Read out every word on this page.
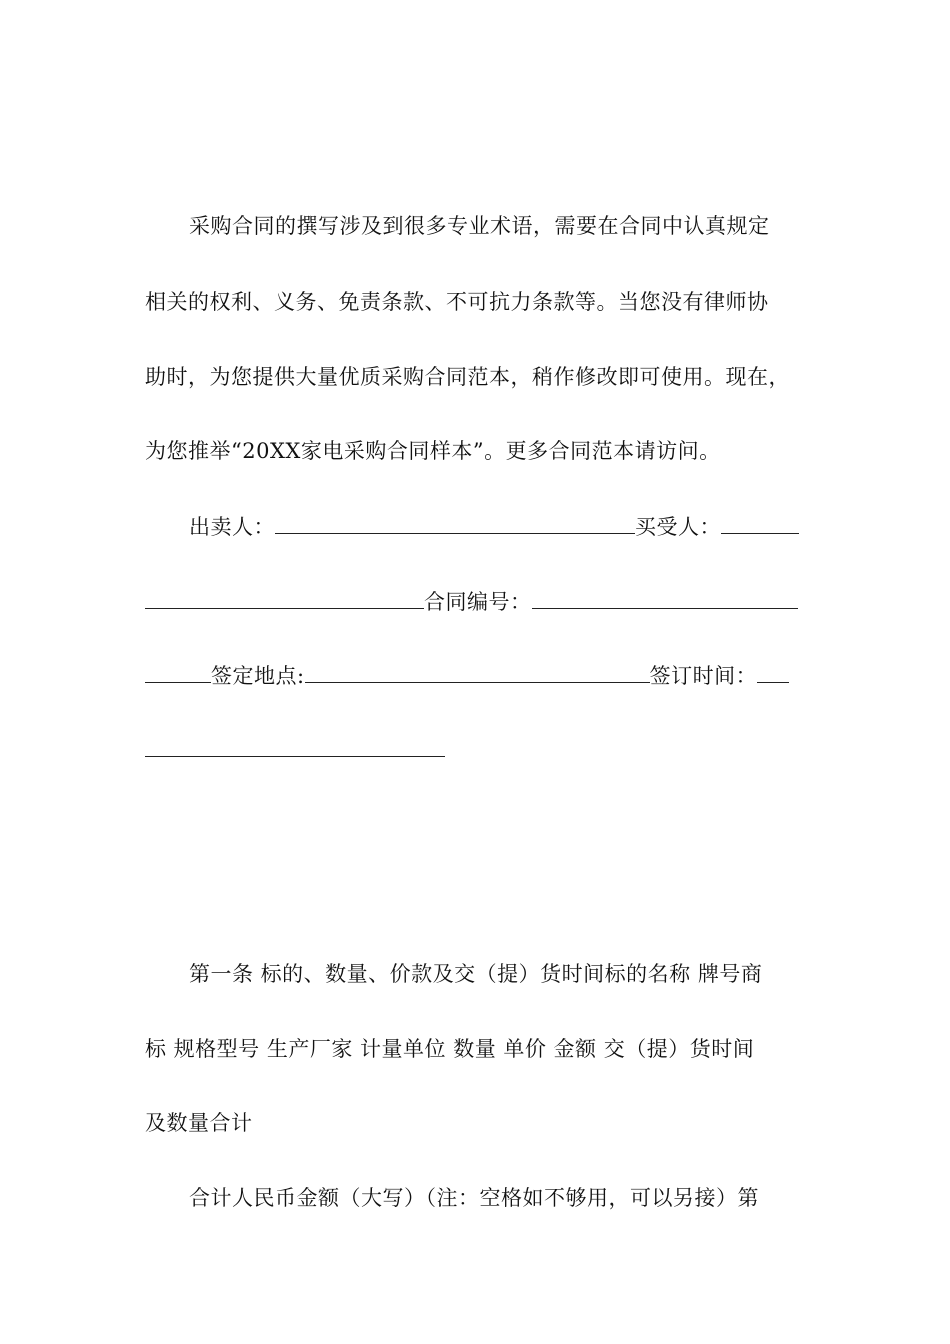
采购合同的撰写涉及到很多专业术语，需要在合同中认真规定
相关的权利、义务、免责条款、不可抗力条款等。当您没有律师协
助时，为您提供大量优质采购合同范本，稍作修改即可使用。现在，
为您推举“20XX家电采购合同样本”。更多合同范本请访问。
出卖人：	买受人：
合同编号：
签定地点:	签订时间：
第一条 标的、数量、价款及交（提）货时间标的名称 牌号商
标 规格型号 生产厂家 计量单位 数量 单价 金额 交（提）货时间
及数量合计
合计人民币金额（大写）（注：空格如不够用，可以另接）第
